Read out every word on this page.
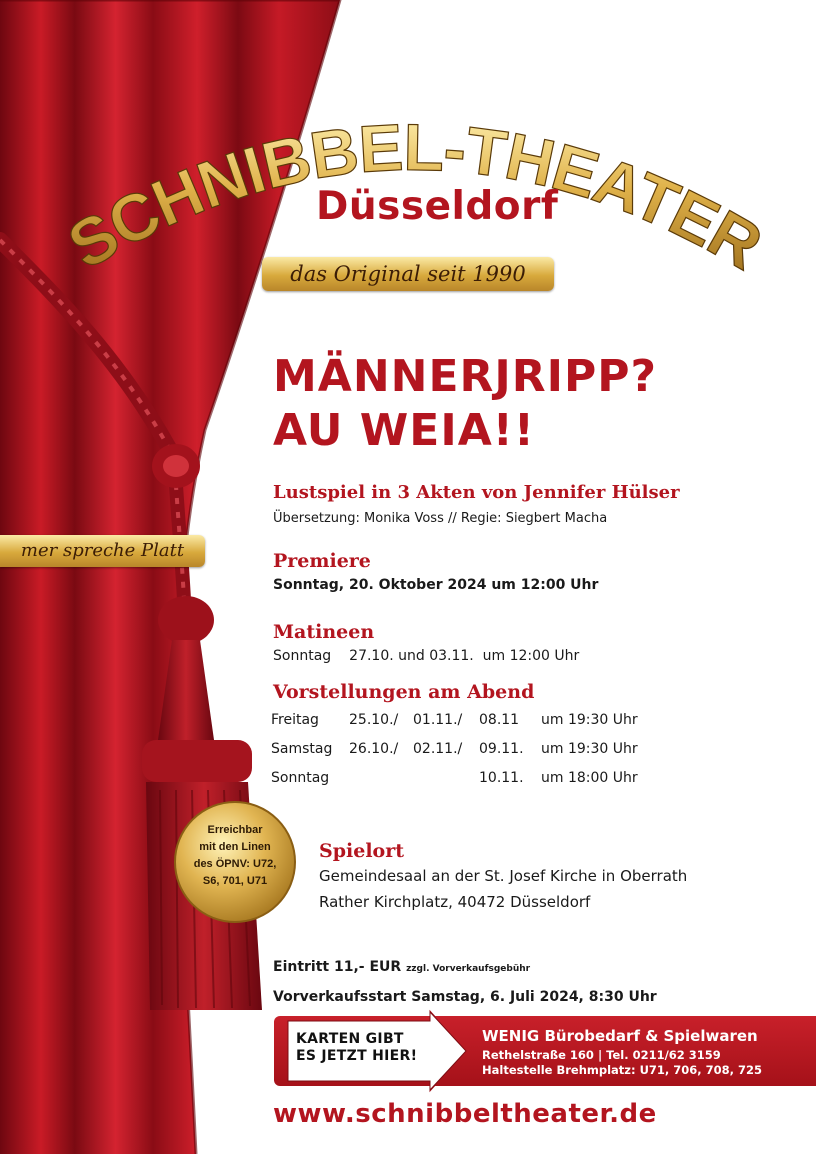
SCHNIBBEL-THEATER
Düsseldorf
das Original seit 1990
mer spreche Platt
MÄNNERJRIPP?
AU WEIA!!
Lustspiel in 3 Akten von Jennifer Hülser
Übersetzung: Monika Voss // Regie: Siegbert Macha
Premiere
Sonntag, 20. Oktober 2024 um 12:00 Uhr
Matineen
Sonntag 27.10. und 03.11. um 12:00 Uhr
Vorstellungen am Abend
Freitag	25.10./	01.11./	08.11	um 19:30 Uhr
Samstag	26.10./	02.11./	09.11.	um 19:30 Uhr
Sonntag			10.11.	um 18:00 Uhr
Erreichbar
mit den Linen
des ÖPNV: U72,
S6, 701, U71
Spielort
Gemeindesaal an der St. Josef Kirche in Oberrath
Rather Kirchplatz, 40472 Düsseldorf
Eintritt 11,- EUR zzgl. Vorverkaufsgebühr
Vorverkaufsstart Samstag, 6. Juli 2024, 8:30 Uhr
KARTEN GIBT
ES JETZT HIER!
WENIG Bürobedarf & Spielwaren
Rethelstraße 160 | Tel. 0211/62 3159
Haltestelle Brehmplatz: U71, 706, 708, 725
www.schnibbeltheater.de
